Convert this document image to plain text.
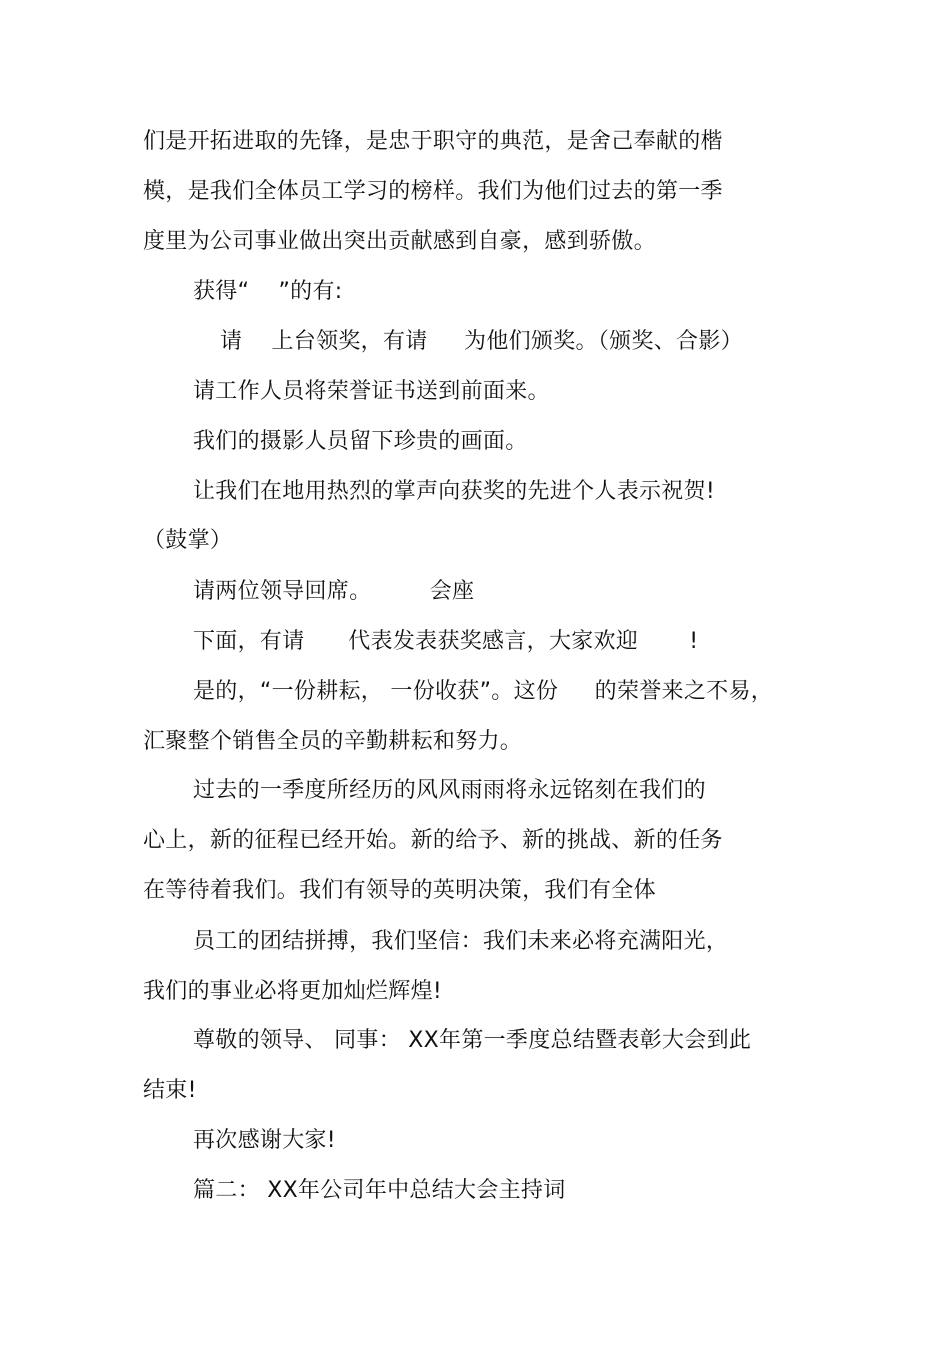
们是开拓进取的先锋，是忠于职守的典范，是舍己奉献的楷
模，是我们全体员工学习的榜样。我们为他们过去的第一季
度里为公司事业做出突出贡献感到自豪，感到骄傲。
获得“    ”的有:
请    上台领奖，有请     为他们颁奖。（颁奖、合影）
请工作人员将荣誉证书送到前面来。
我们的摄影人员留下珍贵的画面。
让我们在地用热烈的掌声向获奖的先进个人表示祝贺!
（鼓掌）
请两位领导回席。        会座
下面，有请      代表发表获奖感言，大家欢迎       !
是的，“一份耕耘， 一份收获”。这份     的荣誉来之不易，
汇聚整个销售全员的辛勤耕耘和努力。
过去的一季度所经历的风风雨雨将永远铭刻在我们的
心上，新的征程已经开始。新的给予、新的挑战、新的任务
在等待着我们。我们有领导的英明决策，我们有全体
员工的团结拼搏，我们坚信：我们未来必将充满阳光，
我们的事业必将更加灿烂辉煌!
尊敬的领导、 同事： XX年第一季度总结暨表彰大会到此
结束!
再次感谢大家!
篇二： XX年公司年中总结大会主持词
